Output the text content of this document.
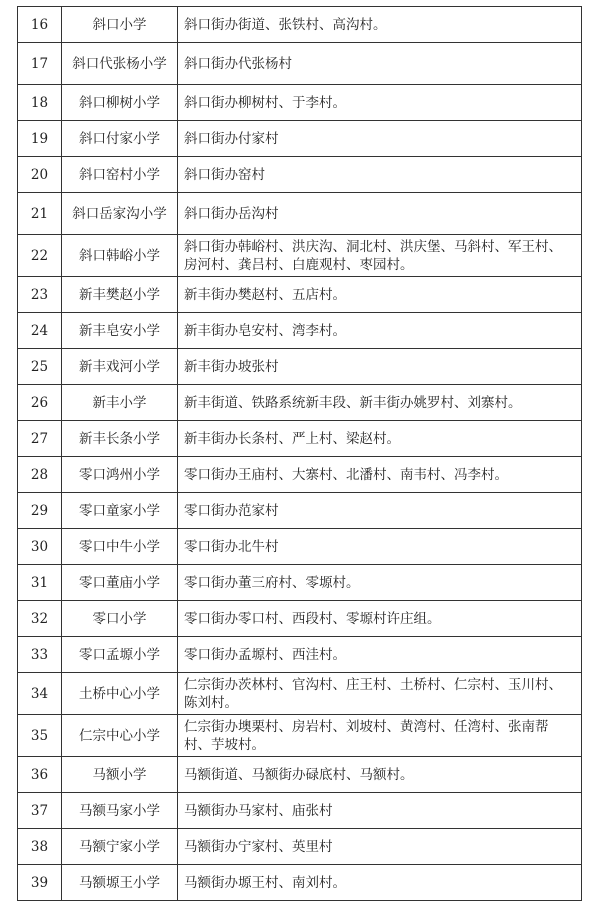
16	斜口小学	斜口街办街道、张铁村、高沟村。
17	斜口代张杨小学	斜口街办代张杨村
18	斜口柳树小学	斜口街办柳树村、于李村。
19	斜口付家小学	斜口街办付家村
20	斜口窑村小学	斜口街办窑村
21	斜口岳家沟小学	斜口街办岳沟村
22	斜口韩峪小学	斜口街办韩峪村、洪庆沟、洞北村、洪庆堡、马斜村、军王村、房河村、龚吕村、白鹿观村、枣园村。
23	新丰樊赵小学	新丰街办樊赵村、五店村。
24	新丰皂安小学	新丰街办皂安村、湾李村。
25	新丰戏河小学	新丰街办坡张村
26	新丰小学	新丰街道、铁路系统新丰段、新丰街办姚罗村、刘寨村。
27	新丰长条小学	新丰街办长条村、严上村、梁赵村。
28	零口鸿州小学	零口街办王庙村、大寨村、北潘村、南韦村、冯李村。
29	零口童家小学	零口街办范家村
30	零口中牛小学	零口街办北牛村
31	零口董庙小学	零口街办董三府村、零塬村。
32	零口小学	零口街办零口村、西段村、零塬村许庄组。
33	零口孟塬小学	零口街办孟塬村、西洼村。
34	土桥中心小学	仁宗街办茨林村、官沟村、庄王村、土桥村、仁宗村、玉川村、陈刘村。
35	仁宗中心小学	仁宗街办墺栗村、房岩村、刘坡村、黄湾村、任湾村、张南帮村、芋坡村。
36	马额小学	马额街道、马额街办碌底村、马额村。
37	马额马家小学	马额街办马家村、庙张村
38	马额宁家小学	马额街办宁家村、英里村
39	马额塬王小学	马额街办塬王村、南刘村。
